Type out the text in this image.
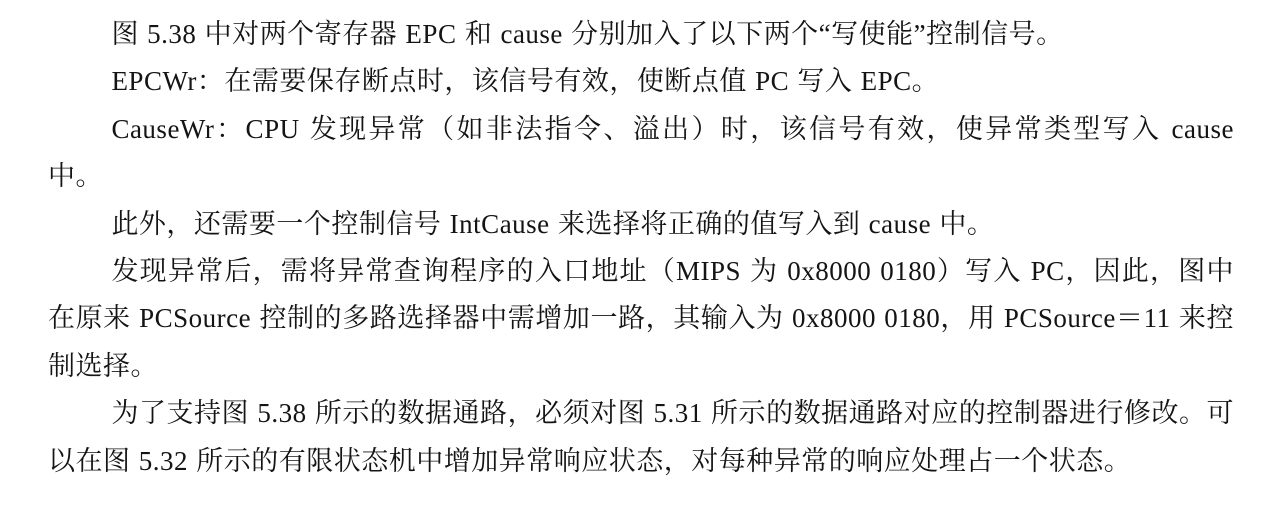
图 5.38 中对两个寄存器 EPC 和 cause 分别加入了以下两个“写使能”控制信号。

EPCWr：在需要保存断点时，该信号有效，使断点值 PC 写入 EPC。

CauseWr：CPU 发现异常（如非法指令、溢出）时，该信号有效，使异常类型写入 cause 中。

此外，还需要一个控制信号 IntCause 来选择将正确的值写入到 cause 中。

发现异常后，需将异常查询程序的入口地址（MIPS 为 0x8000 0180）写入 PC，因此，图中在原来 PCSource 控制的多路选择器中需增加一路，其输入为 0x8000 0180，用 PCSource＝11 来控制选择。

为了支持图 5.38 所示的数据通路，必须对图 5.31 所示的数据通路对应的控制器进行修改。可以在图 5.32 所示的有限状态机中增加异常响应状态，对每种异常的响应处理占一个状态。
